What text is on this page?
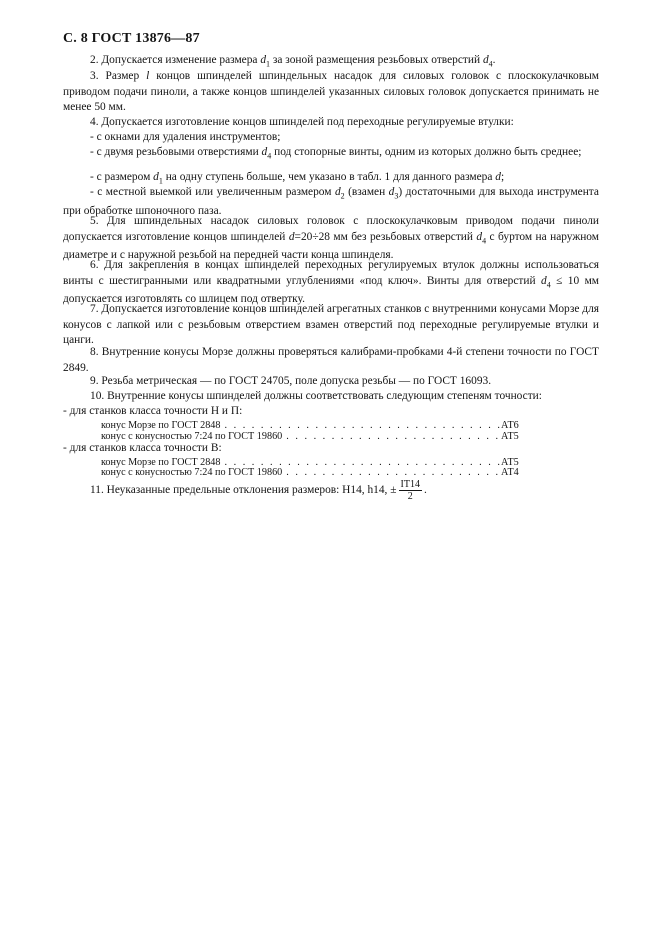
С. 8 ГОСТ 13876—87
2. Допускается изменение размера $d_1$ за зоной размещения резьбовых отверстий $d_4$.
3. Размер l концов шпинделей шпиндельных насадок для силовых головок с плоскокулачковым приводом подачи пиноли, а также концов шпинделей указанных силовых головок допускается принимать не менее 50 мм.
4. Допускается изготовление концов шпинделей под переходные регулируемые втулки:
- с окнами для удаления инструментов;
- с двумя резьбовыми отверстиями $d_4$ под стопорные винты, одним из которых должно быть среднее;
- с размером $d_1$ на одну ступень больше, чем указано в табл. 1 для данного размера d;
- с местной выемкой или увеличенным размером $d_2$ (взамен $d_3$) достаточными для выхода инструмента при обработке шпоночного паза.
5. Для шпиндельных насадок силовых головок с плоскокулачковым приводом подачи пиноли допускается изготовление концов шпинделей d=20÷28 мм без резьбовых отверстий $d_4$ с буртом на наружном диаметре и с наружной резьбой на передней части конца шпинделя.
6. Для закрепления в концах шпинделей переходных регулируемых втулок должны использоваться винты с шестигранными или квадратными углублениями «под ключ». Винты для отверстий $d_4 \le 10$ мм допускается изготовлять со шлицем под отвертку.
7. Допускается изготовление концов шпинделей агрегатных станков с внутренними конусами Морзе для конусов с лапкой или с резьбовым отверстием взамен отверстий под переходные регулируемые втулки и цанги.
8. Внутренние конусы Морзе должны проверяться калибрами-пробками 4-й степени точности по ГОСТ 2849.
9. Резьба метрическая — по ГОСТ 24705, поле допуска резьбы — по ГОСТ 16093.
10. Внутренние конусы шпинделей должны соответствовать следующим степеням точности:
- для станков класса точности Н и П:
конус Морзе по ГОСТ 2848 . . .	АТ6
конус с конусностью 7:24 по ГОСТ 19860 . . .	АТ5
- для станков класса точности В:
конус Морзе по ГОСТ 2848 . . .	АТ5
конус с конусностью 7:24 по ГОСТ 19860 . . .	АТ4
11. Неуказанные предельные отклонения размеров: H14, h14, ± $\frac{IT14}{2}$ .
